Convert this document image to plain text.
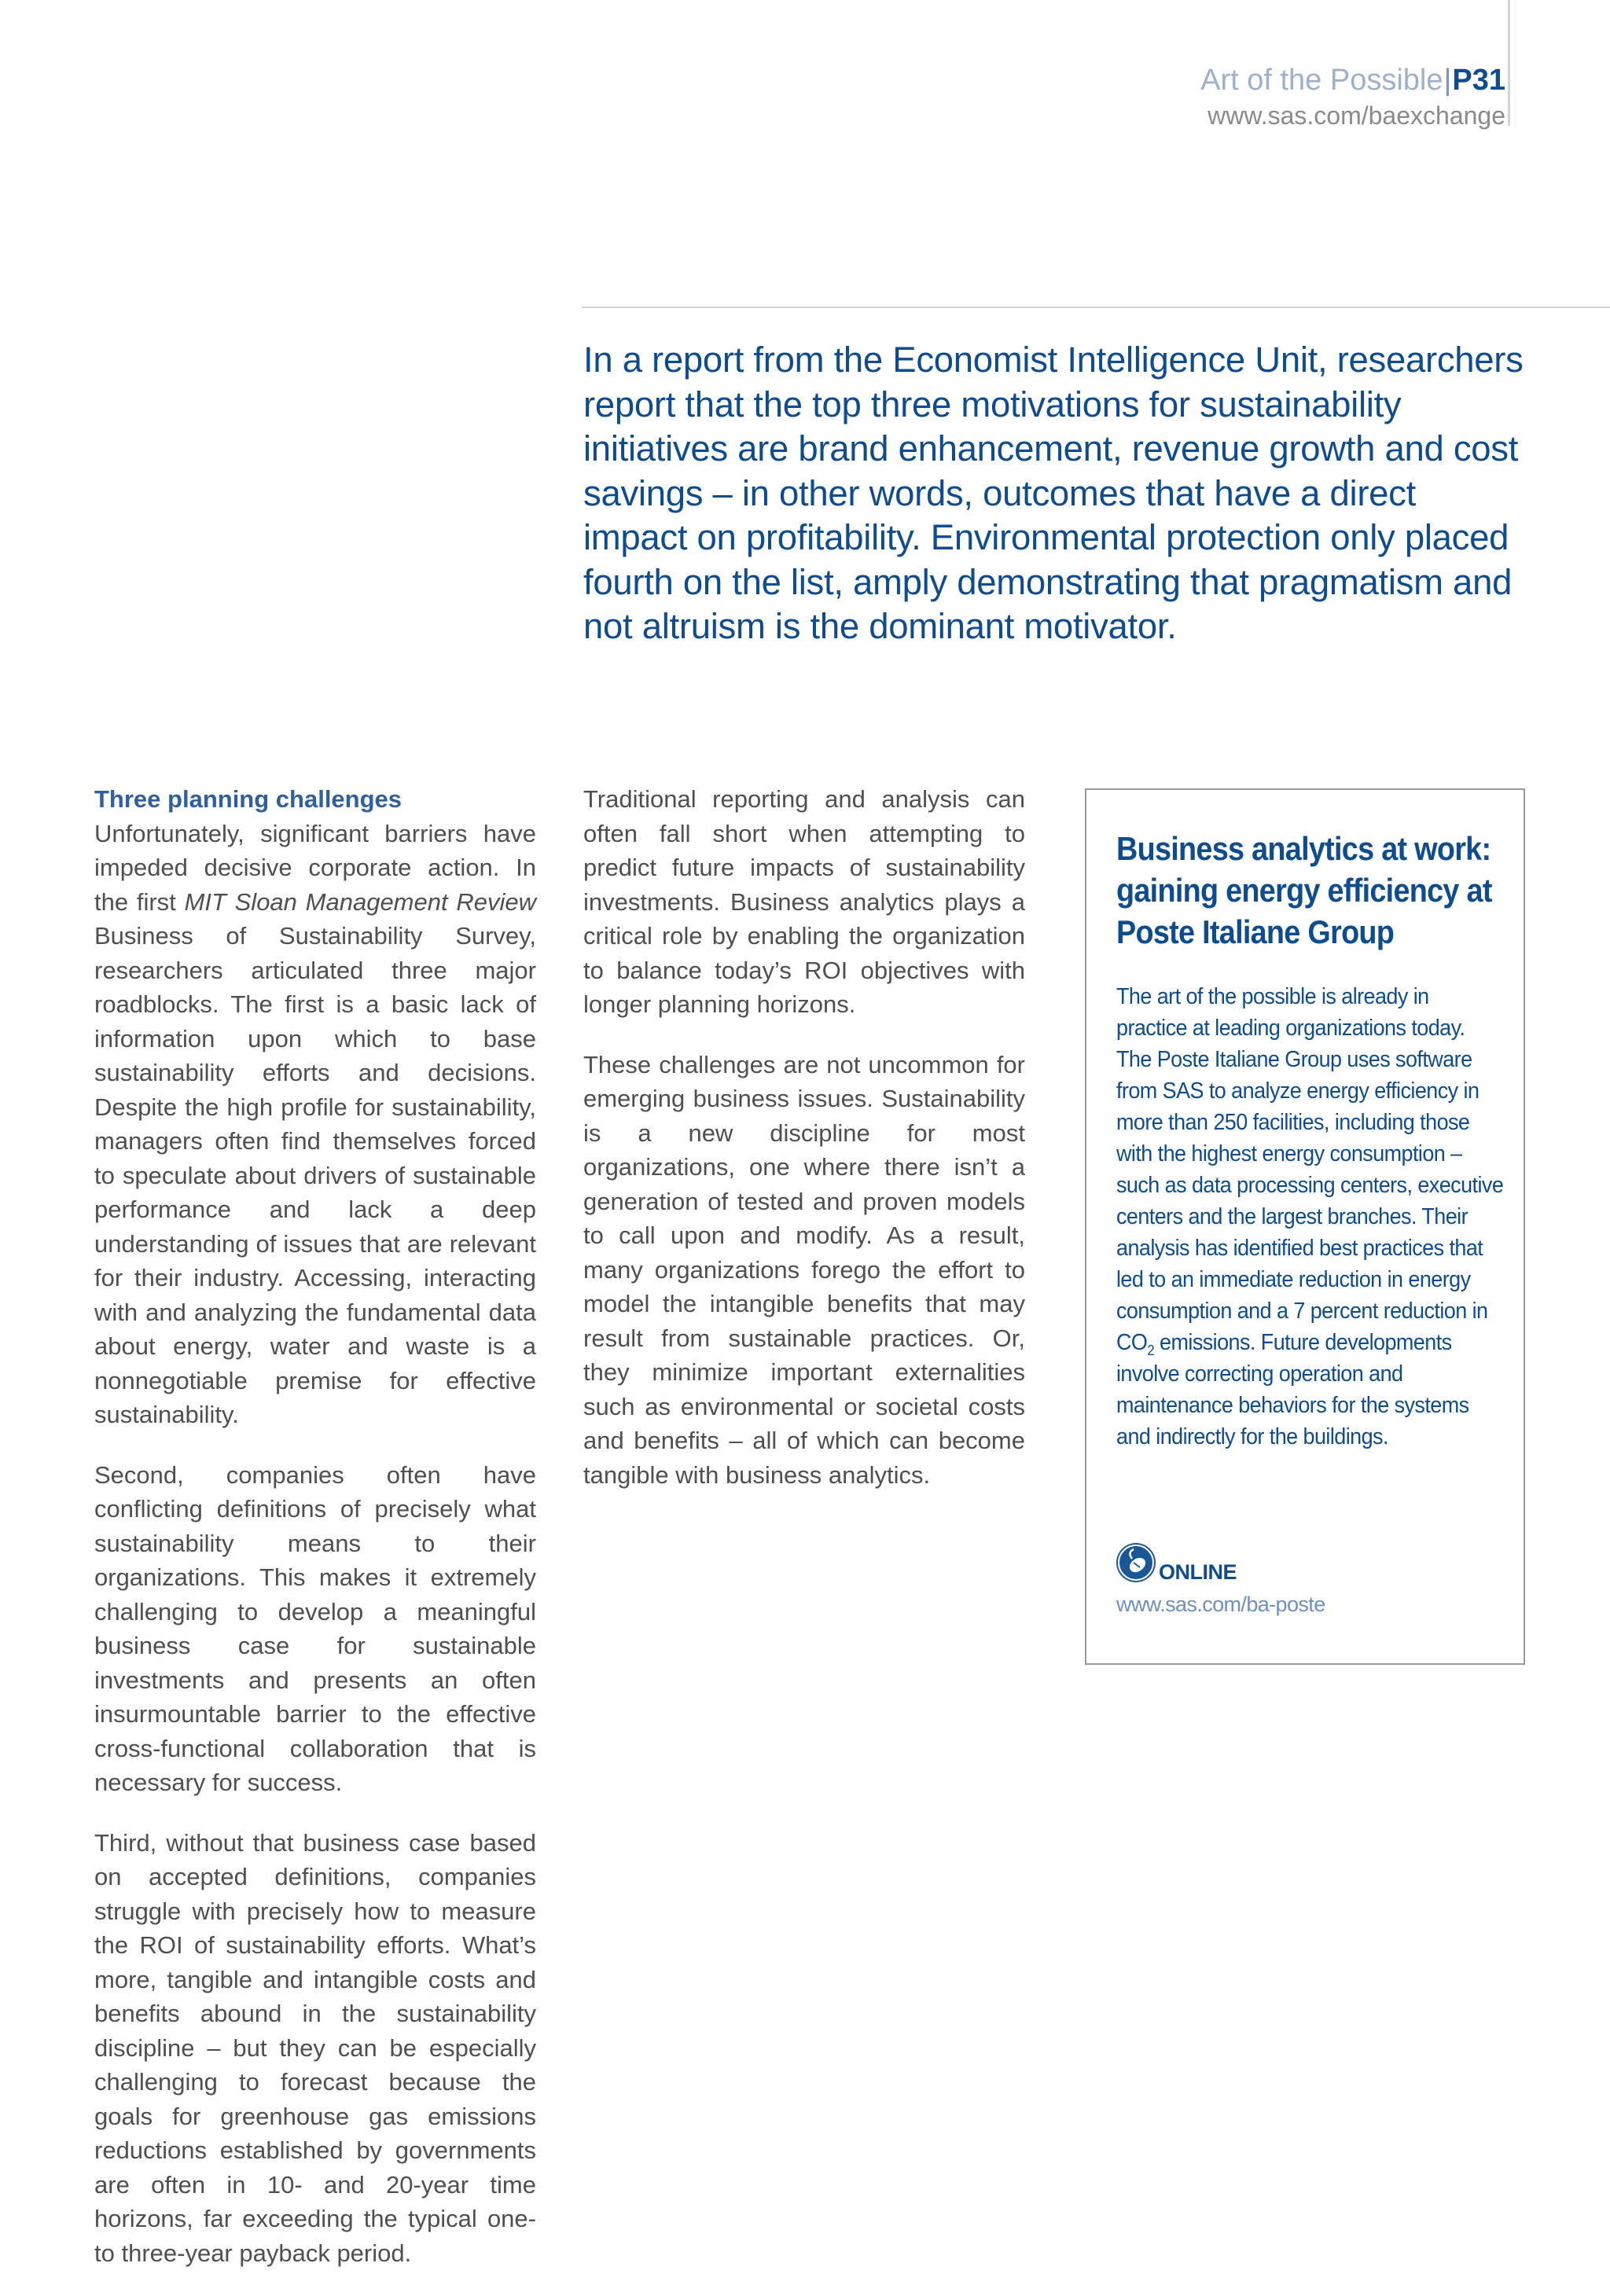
Art of the Possible|P31
www.sas.com/baexchange

In a report from the Economist Intelligence Unit, researchers report that the top three motivations for sustainability initiatives are brand enhancement, revenue growth and cost savings – in other words, outcomes that have a direct impact on profitability. Environmental protection only placed fourth on the list, amply demonstrating that pragmatism and not altruism is the dominant motivator.

Three planning challenges
Unfortunately, significant barriers have impeded decisive corporate action. In the first MIT Sloan Management Review Business of Sustainability Survey, researchers articulated three major roadblocks. The first is a basic lack of information upon which to base sustainability efforts and decisions. Despite the high profile for sustainability, managers often find themselves forced to speculate about drivers of sustainable performance and lack a deep understanding of issues that are relevant for their industry. Accessing, interacting with and analyzing the fundamental data about energy, water and waste is a nonnegotiable premise for effective sustainability.

Second, companies often have conflicting definitions of precisely what sustainability means to their organizations. This makes it extremely challenging to develop a meaningful business case for sustainable investments and presents an often insurmountable barrier to the effective cross-functional collaboration that is necessary for success.

Third, without that business case based on accepted definitions, companies struggle with precisely how to measure the ROI of sustainability efforts. What’s more, tangible and intangible costs and benefits abound in the sustainability discipline – but they can be especially challenging to forecast because the goals for greenhouse gas emissions reductions established by governments are often in 10- and 20-year time horizons, far exceeding the typical one- to three-year payback period.

Traditional reporting and analysis can often fall short when attempting to predict future impacts of sustainability investments. Business analytics plays a critical role by enabling the organization to balance today’s ROI objectives with longer planning horizons.

These challenges are not uncommon for emerging business issues. Sustainability is a new discipline for most organizations, one where there isn’t a generation of tested and proven models to call upon and modify. As a result, many organizations forego the effort to model the intangible benefits that may result from sustainable practices. Or, they minimize important externalities such as environmental or societal costs and benefits – all of which can become tangible with business analytics.

Business analytics at work: gaining energy efficiency at Poste Italiane Group

The art of the possible is already in practice at leading organizations today. The Poste Italiane Group uses software from SAS to analyze energy efficiency in more than 250 facilities, including those with the highest energy consumption – such as data processing centers, executive centers and the largest branches. Their analysis has identified best practices that led to an immediate reduction in energy consumption and a 7 percent reduction in $CO_2$ emissions. Future developments involve correcting operation and maintenance behaviors for the systems and indirectly for the buildings.

ONLINE
www.sas.com/ba-poste
